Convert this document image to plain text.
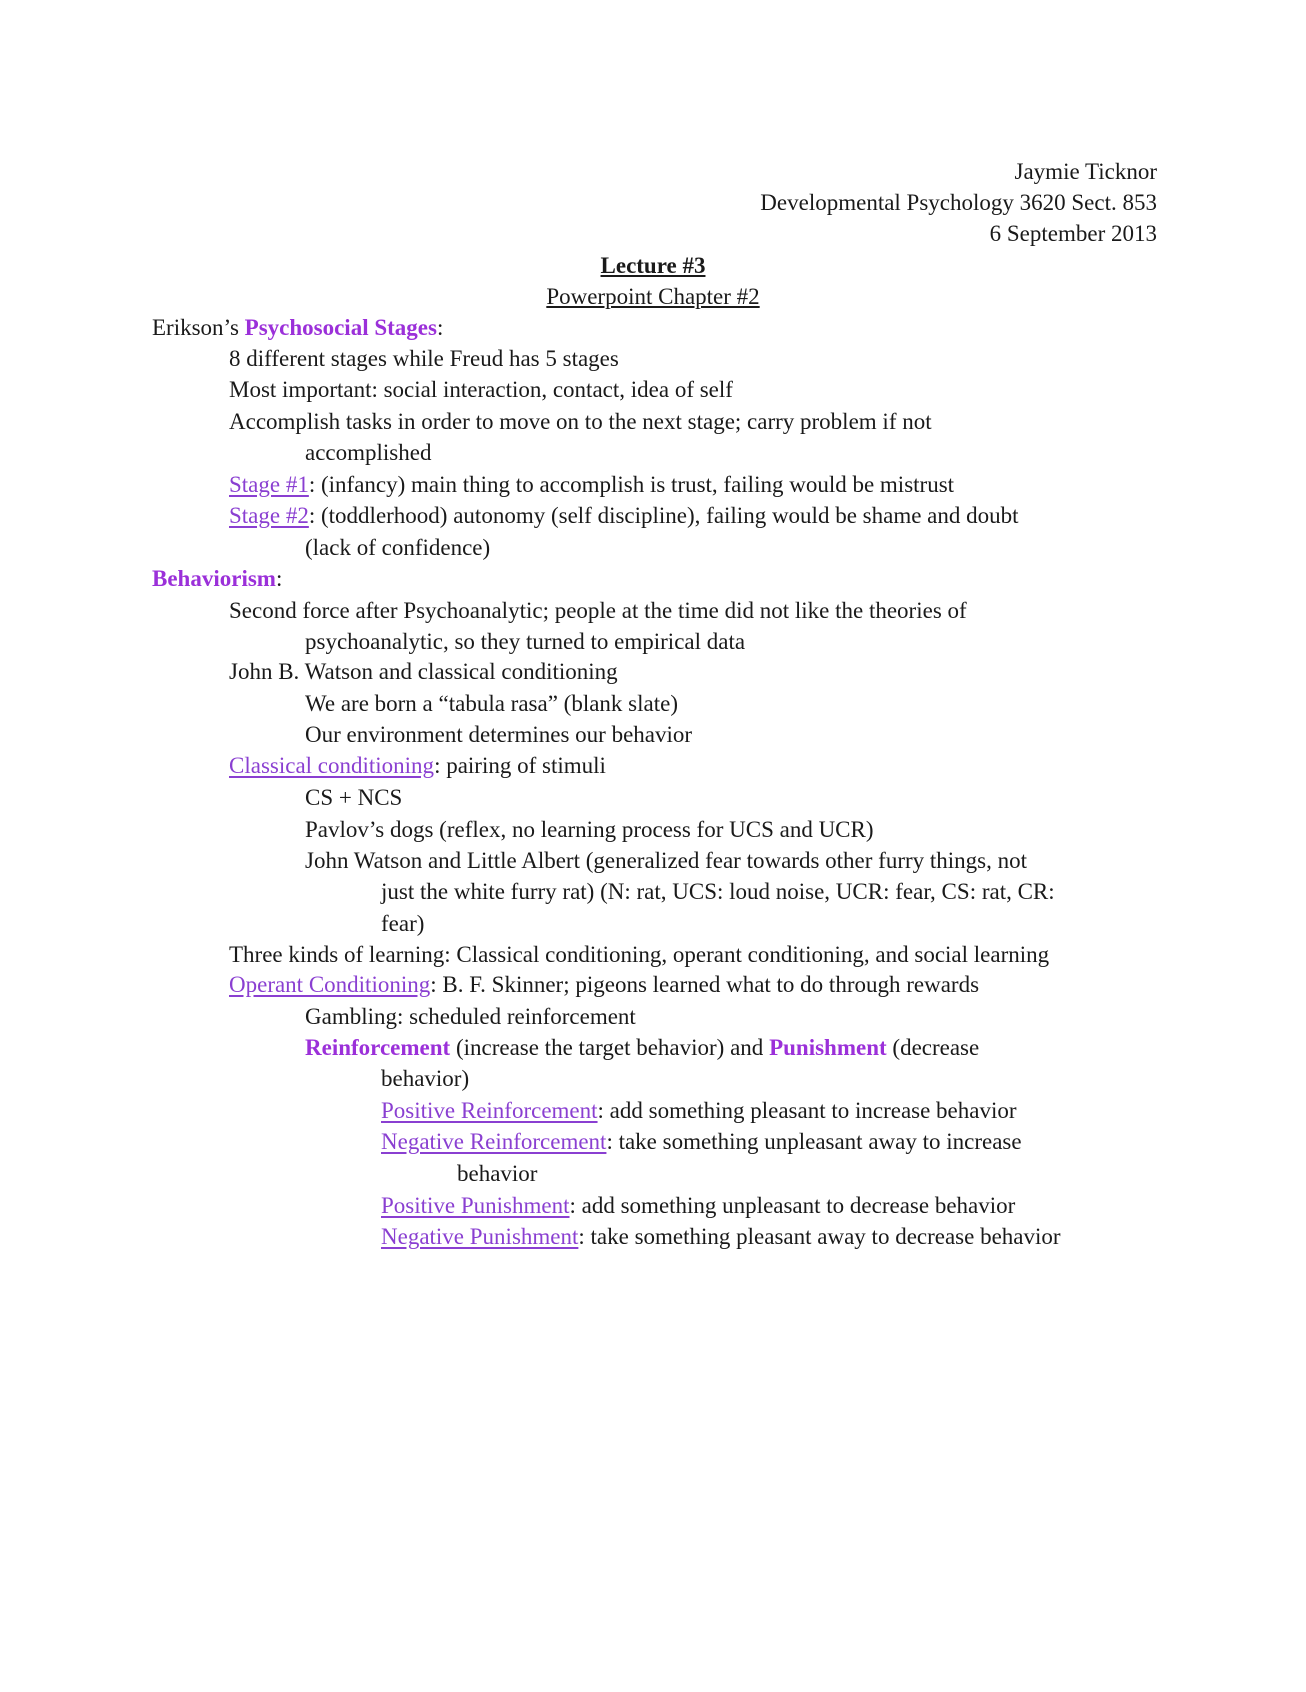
Jaymie Ticknor
Developmental Psychology 3620 Sect. 853
6 September 2013
Lecture #3
Powerpoint Chapter #2
Erikson’s Psychosocial Stages:
8 different stages while Freud has 5 stages
Most important: social interaction, contact, idea of self
Accomplish tasks in order to move on to the next stage; carry problem if not
accomplished
Stage #1: (infancy) main thing to accomplish is trust, failing would be mistrust
Stage #2: (toddlerhood) autonomy (self discipline), failing would be shame and doubt
(lack of confidence)
Behaviorism:
Second force after Psychoanalytic; people at the time did not like the theories of
psychoanalytic, so they turned to empirical data
John B. Watson and classical conditioning
We are born a “tabula rasa” (blank slate)
Our environment determines our behavior
Classical conditioning: pairing of stimuli
CS + NCS
Pavlov’s dogs (reflex, no learning process for UCS and UCR)
John Watson and Little Albert (generalized fear towards other furry things, not
just the white furry rat) (N: rat, UCS: loud noise, UCR: fear, CS: rat, CR:
fear)
Three kinds of learning: Classical conditioning, operant conditioning, and social learning
Operant Conditioning: B. F. Skinner; pigeons learned what to do through rewards
Gambling: scheduled reinforcement
Reinforcement (increase the target behavior) and Punishment (decrease
behavior)
Positive Reinforcement: add something pleasant to increase behavior
Negative Reinforcement: take something unpleasant away to increase
behavior
Positive Punishment: add something unpleasant to decrease behavior
Negative Punishment: take something pleasant away to decrease behavior
